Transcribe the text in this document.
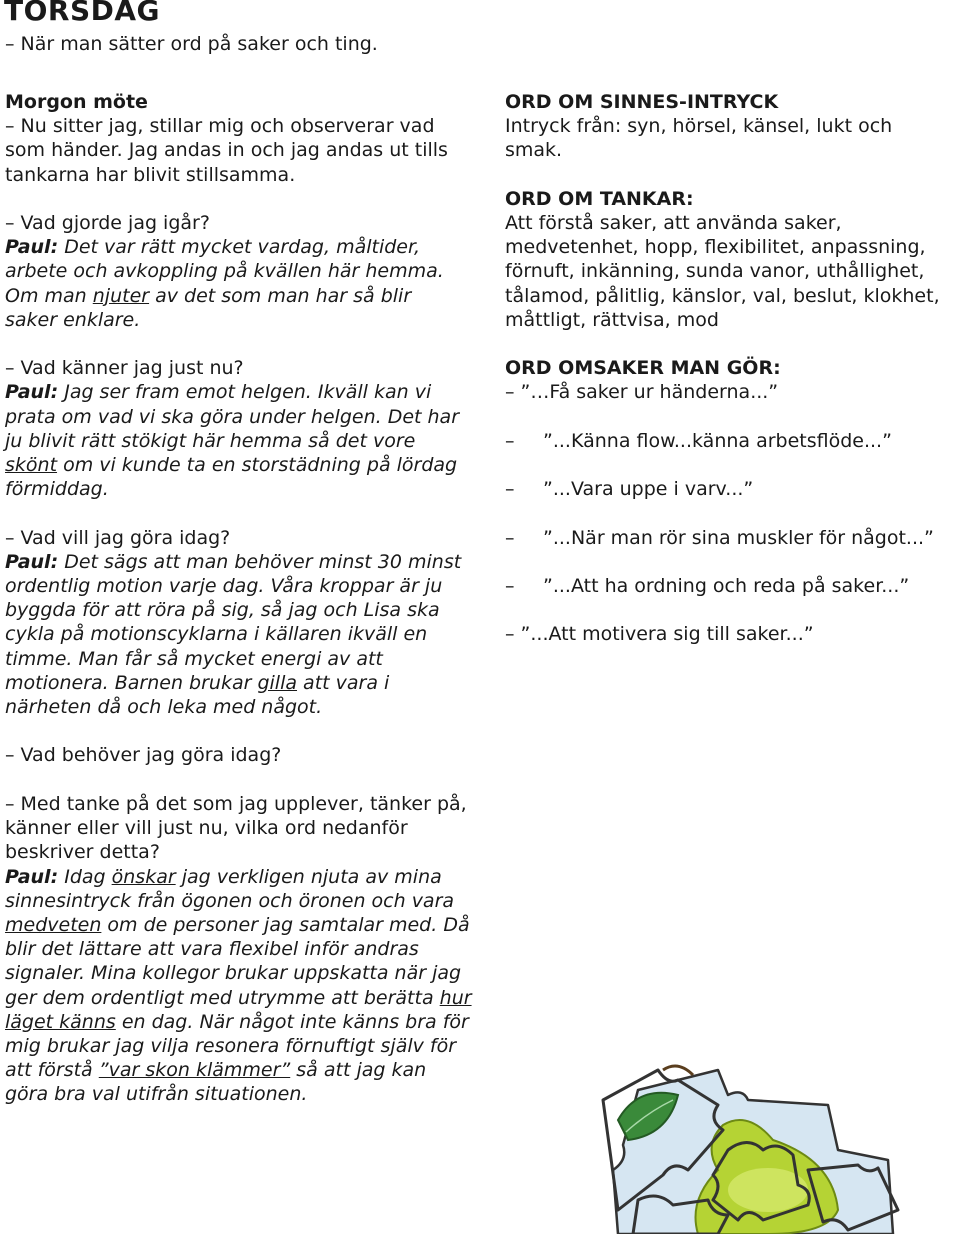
TORSDAG
– När man sätter ord på saker och ting.
Morgon möte
– Nu sitter jag, stillar mig och observerar vad
som händer. Jag andas in och jag andas ut tills
tankarna har blivit stillsamma.

– Vad gjorde jag igår?
Paul: Det var rätt mycket vardag, måltider,
arbete och avkoppling på kvällen här hemma.
Om man njuter av det som man har så blir
saker enklare.

– Vad känner jag just nu?
Paul: Jag ser fram emot helgen. Ikväll kan vi
prata om vad vi ska göra under helgen. Det har
ju blivit rätt stökigt här hemma så det vore
skönt om vi kunde ta en storstädning på lördag
förmiddag.

– Vad vill jag göra idag?
Paul: Det sägs att man behöver minst 30 minst
ordentlig motion varje dag. Våra kroppar är ju
byggda för att röra på sig, så jag och Lisa ska
cykla på motionscyklarna i källaren ikväll en
timme. Man får så mycket energi av att
motionera. Barnen brukar gilla att vara i
närheten då och leka med något.

– Vad behöver jag göra idag?

– Med tanke på det som jag upplever, tänker på,
känner eller vill just nu, vilka ord nedanför
beskriver detta?
Paul: Idag önskar jag verkligen njuta av mina
sinnesintryck från ögonen och öronen och vara
medveten om de personer jag samtalar med. Då
blir det lättare att vara flexibel inför andras
signaler. Mina kollegor brukar uppskatta när jag
ger dem ordentligt med utrymme att berätta hur
läget känns en dag. När något inte känns bra för
mig brukar jag vilja resonera förnuftigt själv för
att förstå ”var skon klämmer” så att jag kan
göra bra val utifrån situationen.
ORD OM SINNES-INTRYCK
Intryck från: syn, hörsel, känsel, lukt och
smak.

ORD OM TANKAR:
Att förstå saker, att använda saker,
medvetenhet, hopp, flexibilitet, anpassning,
förnuft, inkänning, sunda vanor, uthållighet,
tålamod, pålitlig, känslor, val, beslut, klokhet,
måttligt, rättvisa, mod

ORD OMSAKER MAN GÖR:
– ”…Få saker ur händerna...”

– ”...Känna flow...känna arbetsflöde...”

– ”...Vara uppe i varv...”

– ”...När man rör sina muskler för något...”

– ”...Att ha ordning och reda på saker...”

– ”...Att motivera sig till saker...”
